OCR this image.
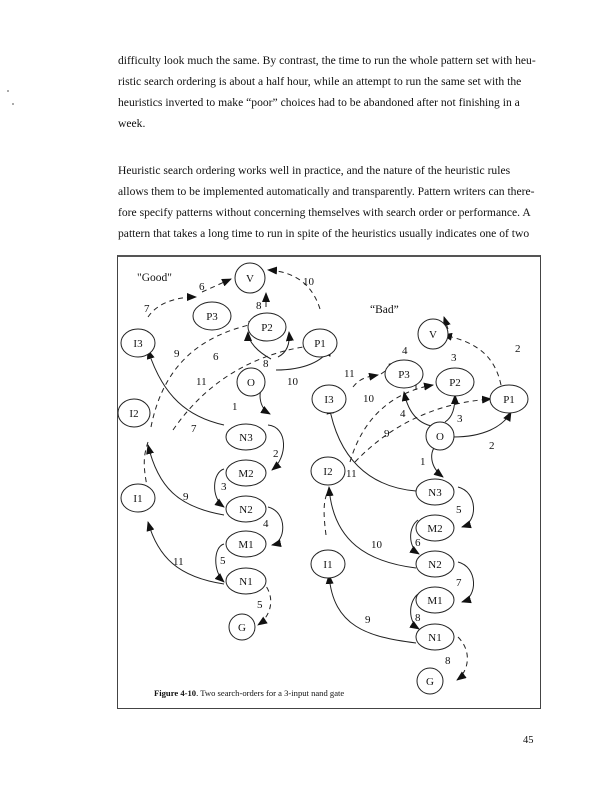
difficulty look much the same. By contrast, the time to run the whole pattern set with heu-
ristic search ordering is about a half hour, while an attempt to run the same set with the
heuristics inverted to make “poor” choices had to be abandoned after not finishing in a
week.
Heuristic search ordering works well in practice, and the nature of the heuristic rules
allows them to be implemented automatically and transparently. Pattern writers can there-
fore specify patterns without concerning themselves with search order or performance. A
pattern that takes a long time to run in spite of the heuristics usually indicates one of two
V
P3
P2
P1
I3
O
I2
N3
M2
I1
N2
M1
N1
G
V
P3
P2
P1
I3
O
I2
N3
M2
I1	N2
M1
N1
G
"Good"
“Bad”
6	10
7	8
9	6
8
11	10
1
7
2
3
9
4
5
11
5
4
3
2
11
10
4	3
9
2
1
11
5
10	6
7
9	8
8
Figure 4-10. Two search-orders for a 3-input nand gate
45
